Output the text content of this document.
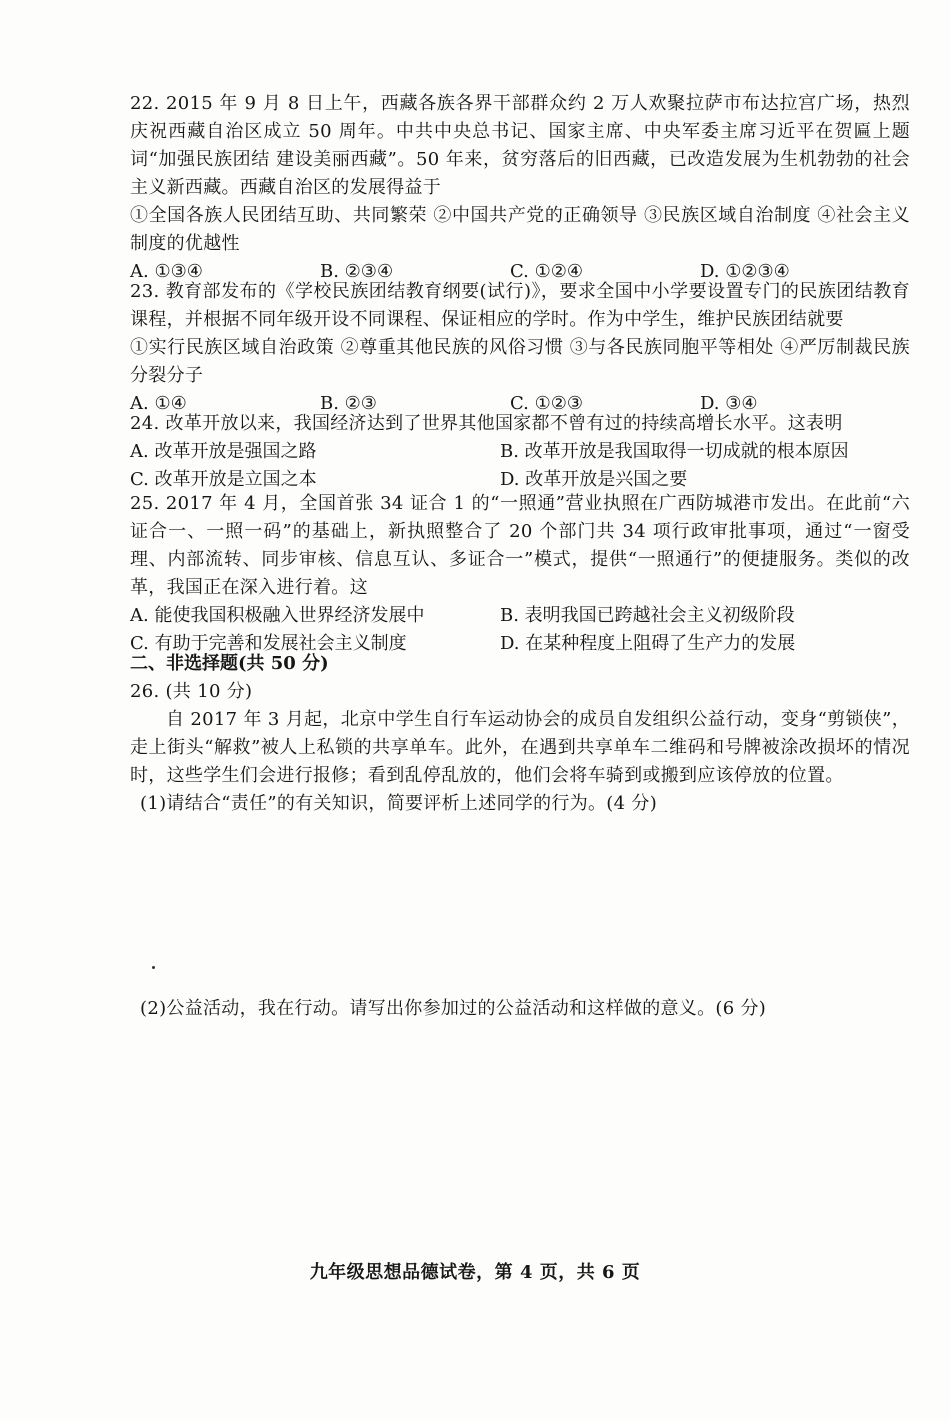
22. 2015 年 9 月 8 日上午，西藏各族各界干部群众约 2 万人欢聚拉萨市布达拉宫广场，热烈庆祝西藏自治区成立 50 周年。中共中央总书记、国家主席、中央军委主席习近平在贺匾上题词“加强民族团结 建设美丽西藏”。50 年来，贫穷落后的旧西藏，已改造发展为生机勃勃的社会主义新西藏。西藏自治区的发展得益于
①全国各族人民团结互助、共同繁荣 ②中国共产党的正确领导 ③民族区域自治制度 ④社会主义制度的优越性
A. ①③④	B. ②③④	C. ①②④	D. ①②③④
23. 教育部发布的《学校民族团结教育纲要(试行)》，要求全国中小学要设置专门的民族团结教育课程，并根据不同年级开设不同课程、保证相应的学时。作为中学生，维护民族团结就要
①实行民族区域自治政策 ②尊重其他民族的风俗习惯 ③与各民族同胞平等相处 ④严厉制裁民族分裂分子
A. ①④	B. ②③	C. ①②③	D. ③④
24. 改革开放以来，我国经济达到了世界其他国家都不曾有过的持续高增长水平。这表明
A. 改革开放是强国之路	B. 改革开放是我国取得一切成就的根本原因
C. 改革开放是立国之本	D. 改革开放是兴国之要
25. 2017 年 4 月，全国首张 34 证合 1 的“一照通”营业执照在广西防城港市发出。在此前“六证合一、一照一码”的基础上，新执照整合了 20 个部门共 34 项行政审批事项，通过“一窗受理、内部流转、同步审核、信息互认、多证合一”模式，提供“一照通行”的便捷服务。类似的改革，我国正在深入进行着。这
A. 能使我国积极融入世界经济发展中	B. 表明我国已跨越社会主义初级阶段
C. 有助于完善和发展社会主义制度	D. 在某种程度上阻碍了生产力的发展
二、非选择题(共 50 分)
26. (共 10 分)
自 2017 年 3 月起，北京中学生自行车运动协会的成员自发组织公益行动，变身“剪锁侠”，走上街头“解救”被人上私锁的共享单车。此外，在遇到共享单车二维码和号牌被涂改损坏的情况时，这些学生们会进行报修；看到乱停乱放的，他们会将车骑到或搬到应该停放的位置。
(1)请结合“责任”的有关知识，简要评析上述同学的行为。(4 分)
(2)公益活动，我在行动。请写出你参加过的公益活动和这样做的意义。(6 分)
九年级思想品德试卷，第 4 页，共 6 页
